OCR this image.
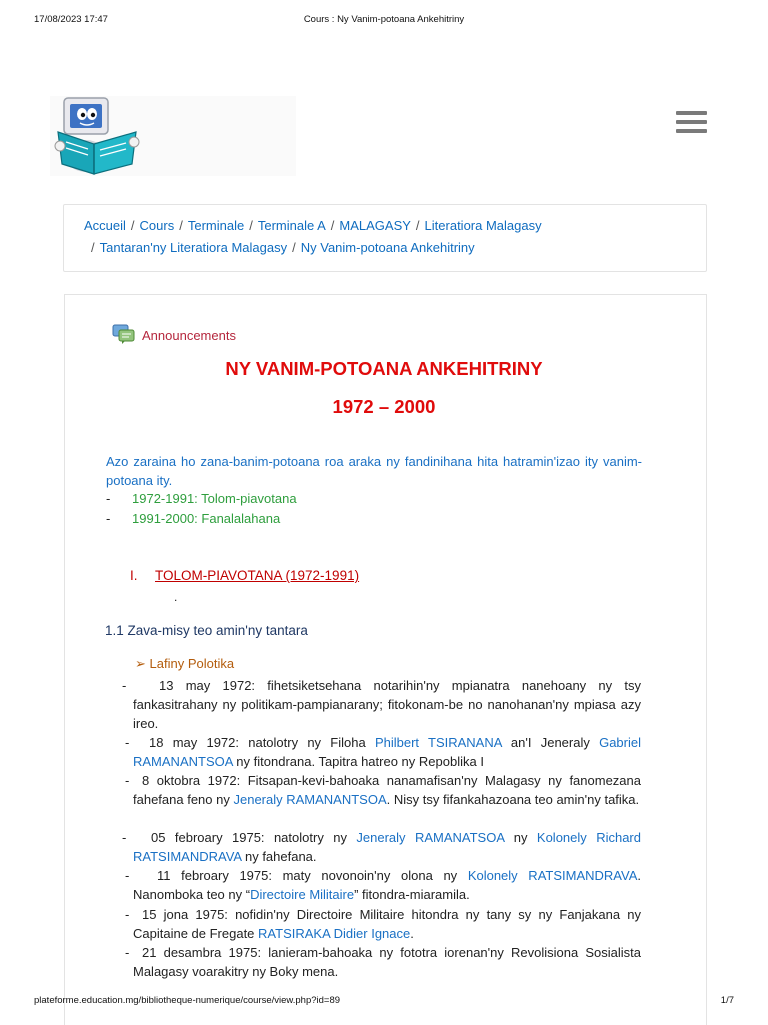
17/08/2023 17:47	Cours : Ny Vanim-potoana Ankehitriny
Accueil / Cours / Terminale / Terminale A / MALAGASY / Literatiora Malagasy
/ Tantaran'ny Literatiora Malagasy / Ny Vanim-potoana Ankehitriny
Announcements
NY VANIM-POTOANA ANKEHITRINY
1972 – 2000
Azo zaraina ho zana-banim-potoana roa araka ny fandinihana hita hatramin'izao ity vanim-potoana ity.
- 1972-1991: Tolom-piavotana
- 1991-2000: Fanalalahana
I. TOLOM-PIAVOTANA (1972-1991)
.
1.1 Zava-misy teo amin'ny tantara
➢ Lafiny Polotika
-	13 may 1972: fihetsiketsehana notarihin'ny mpianatra nanehoany ny tsy fankasitrahany ny politikam-pampianarany; fitokonam-be no nanohanan'ny mpiasa azy ireo.
-	18 may 1972: natolotry ny Filoha Philbert TSIRANANA an'I Jeneraly Gabriel RAMANANTSOA ny fitondrana. Tapitra hatreo ny Repoblika I
- 8 oktobra 1972: Fitsapan-kevi-bahoaka nanamafisan'ny Malagasy ny fanomezana fahefana feno ny Jeneraly RAMANANTSOA. Nisy tsy fifankahazoana teo amin'ny tafika.
-	05 febroary 1975: natolotry ny Jeneraly RAMANATSOA ny Kolonely Richard RATSIMANDRAVA ny fahefana.
-	11 febroary 1975: maty novonoin'ny olona ny Kolonely RATSIMANDRAVA. Nanomboka teo ny “Directoire Militaire” fitondra-miaramila.
- 15 jona 1975: nofidin'ny Directoire Militaire hitondra ny tany sy ny Fanjakana ny Capitaine de Fregate RATSIRAKA Didier Ignace.
- 21 desambra 1975: lanieram-bahoaka ny fototra iorenan'ny Revolisiona Sosialista Malagasy voarakitry ny Boky mena.
plateforme.education.mg/bibliotheque-numerique/course/view.php?id=89	1/7
